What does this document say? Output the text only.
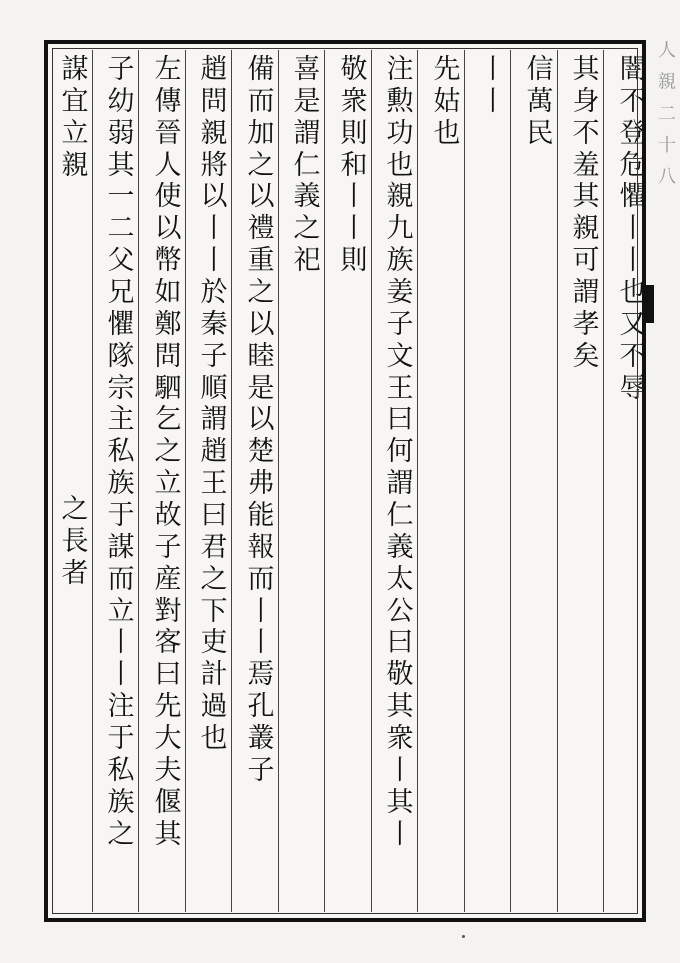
闇
不
登
危
懼
丨
丨
也
又
不
辱
其
身
不
羞
其
親
可
謂
孝
矣
信
萬
民
丨
丨
先
姑
也
注
勲
功
也
親
九
族
姜
子
文
王
曰
何
謂
仁
義
太
公
曰
敬
其
衆
丨
其
丨
敬
衆
則
和
丨
丨
則
喜
是
謂
仁
義
之
祀
備
而
加
之
以
禮
重
之
以
睦
是
以
楚
弗
能
報
而
丨
丨
焉
孔
叢
子
趙
問
親
將
以
丨
丨
於
秦
子
順
謂
趙
王
曰
君
之
下
吏
計
過
也
左
傳
晉
人
使
以
幣
如
鄭
問
駟
乞
之
立
故
子
産
對
客
曰
先
大
夫
偃
其
子
幼
弱
其
一
二
父
兄
懼
隊
宗
主
私
族
于
謀
而
立
丨
丨
注
于
私
族
之
謀
宜
立
親
之
長
者
人 親 二 十 八
